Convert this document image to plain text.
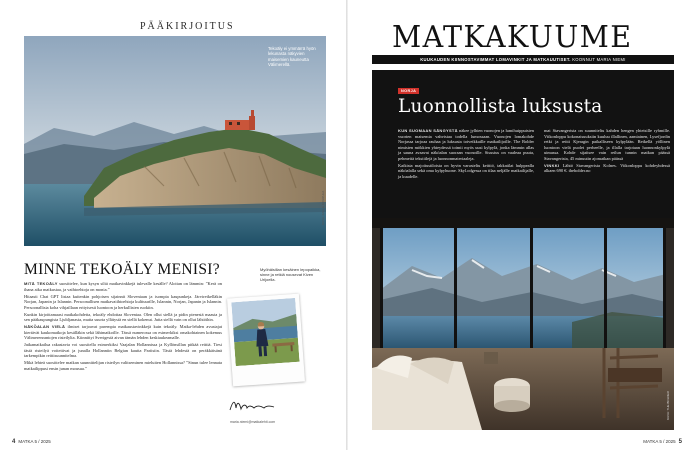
PÄÄKIRJOITUS
Tekoäly ei ymmärrä hyön lekunasta näkyvien maisemien kauneutta Välimerellä.
KUVA: KALLE KOURULA
MINNE TEKOÄLY MENISI?

MITÄ TEKOÄLY suosittelee, kun kysyn siltä matkavinkkejä tulevalle kesälle? Aloitan on lämmin: ”Kerä on ihana aika matkustaa, ja vaihtoehtoja on monia.”

Hitaasti Chat GPT listaa kuitenkin pohjoisen sijainnit Sloveniaan ja isompia kaupunkeja. Järviretkelläkin Norjan, Japanin ja Islannin. Persoonallisen matkavaiihtoehtoja kulttuurille, Islannin, Norjan, Japanin ja Islannin. Persoonallisia koha vihjaillaan erityisesti luontoon ja herkullisten ruokiin.

Kunkin kirjoittamaasi matkakohdetta, tekoäly ehdottaa Sloveniaa. Olen ollut siellä ja pidin pienestä maasta ja sen pääkaupungista Ljubljanasta, mutta suurta yllätystä en siellä kokenut. Jutta siellä vain on ollut lähtöihin.

NÄKÖALAN VIELÄ ilmiset tarjoavat parempia matkaustavinkkejä kuin tekoäly. Matka-lehden avustajat kiertävät kaukomatkoja kesälläkin sekä lähimatkoille. Tässä numerossa on esimerkiksi omakohtainen kokemus Välimerenrantojen risteilylta. Kiinnittyi Sverigestä aivan tämän lehden keskiaukeamalle.

Jatkamatkailua rakastavia voi suositella esimerkiksi Vaajalan Hollannissa ja Kyllönsillan pitkää reittiä. Tiesi tästä risteilyä voitettivat ja junalla Hollanniin Belgian kautta Pariisiin. Tästä lehdestä on peräkkäisänä tarkempikin reittisuunnitelma.

Mikä lehteä suosittelee matkan suunnittelijan risteilyn valitseminen mieluiten Hollannissa? ”Sinun tulee lennata matkailippusi ensin junan mousua.”

Myöhäisillan kesäinen lepopaikka, sinne ja retkiä nousevat Kiven Urijoella.
maria.niemi@matkalehti.com
4 MATKA 5 / 2025
MATKAKUUME
KUUKAUDEN KIINNOSTAVIMMAT LOMAVINKIT JA MATKAUUTISET. KOONNUT MARIA NIEMI
NORJA
Luonnollista luksusta

KUN SUOMAAN SÄNGYSTÄ näkee jylhien vuonojen ja lumihuippuisten vuorten maisemia vahvistaa todella lumossaan. Vuonojen lomakohde Norjassa tarjoaa rauhaa ja luksusta toiveikkaille matkailijoille. The Bolder nimisten mökkien yhteydessä toimii myös uusi kylpylä, jonka lämmin allas ja sauna avaavat näköalan suoraan vuonoille. Sisustus on vaaleaa puuta, pehmeitä tekstiilejä ja luonnonmateriaaleja.

Kaikista majoitustiloista on hyvin varusteltu keittiö, takkatilat hulppealla näköalalla sekä oma kylpyhuone. Skyl.odgessa on tilaa neljälle matkailijalle, ja kuudelle.

mat Stavangerista on suunniteltu kahden hengen yhteisille ryhmille. Viikonloppu kokonaisuuksiin kuuluu illallinen, aamiainen, Lysefjordin retki ja reitti Kjeragin paikalliseen kylpylään. Retkellä yöllinen luontoon vielä puolet perheelle, ja illalla tarjotaan luonnonkylpylä uimassa. Kohde sijaitsee vain reilun tunnin matkan päässä Stavangerista, 45 minuutin ajomatkan päässä

VINKKI Lähtö Stavangerista Kolnes. Viikonloppu kohdeyhdessä alkaen 690 €. thebolder.no

KUVA: THE BOLDER
MATKA 5 / 2025 5
